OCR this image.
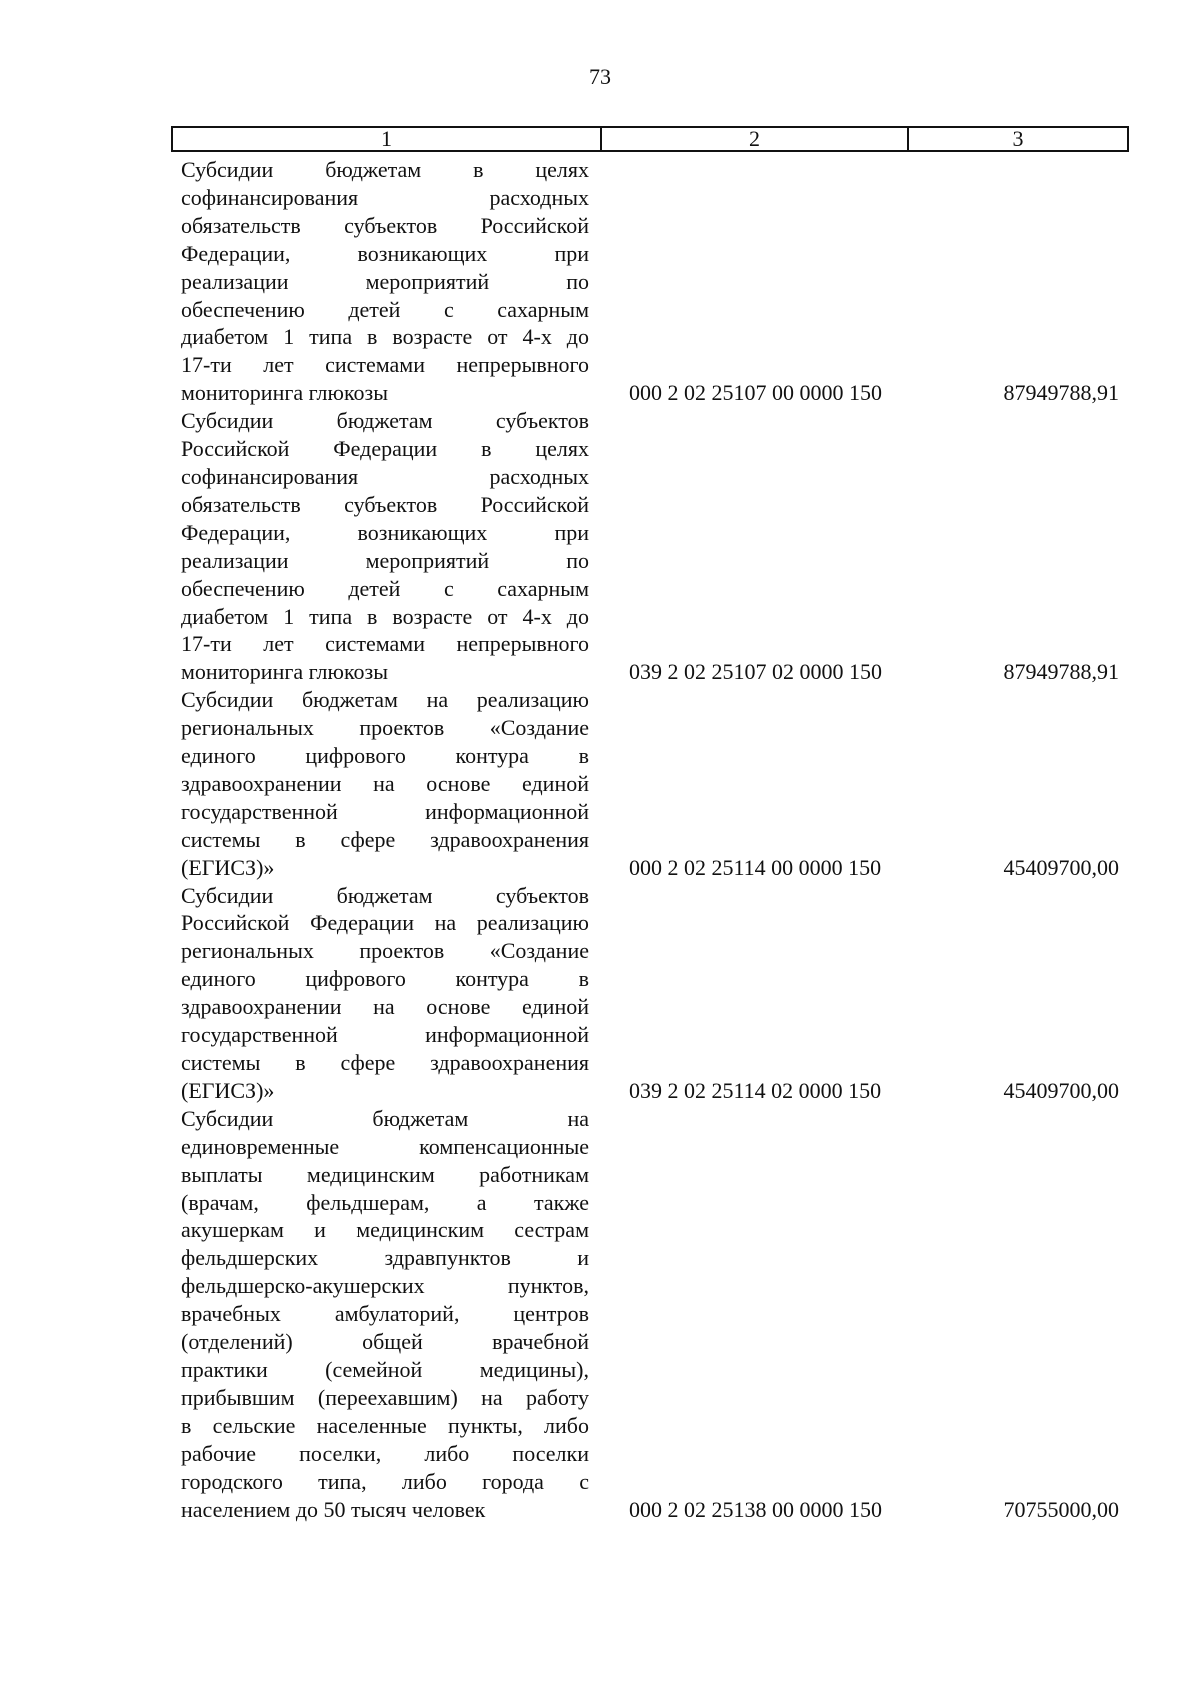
73
1	2	3
Субсидии бюджетам в целях
софинансирования расходных
обязательств субъектов Российской
Федерации, возникающих при
реализации мероприятий по
обеспечению детей с сахарным
диабетом 1 типа в возрасте от 4-х до
17-ти лет системами непрерывного
мониторинга глюкозы	000 2 02 25107 00 0000 150	87949788,91
Субсидии бюджетам субъектов
Российской Федерации в целях
софинансирования расходных
обязательств субъектов Российской
Федерации, возникающих при
реализации мероприятий по
обеспечению детей с сахарным
диабетом 1 типа в возрасте от 4-х до
17-ти лет системами непрерывного
мониторинга глюкозы	039 2 02 25107 02 0000 150	87949788,91
Субсидии бюджетам на реализацию
региональных проектов «Создание
единого цифрового контура в
здравоохранении на основе единой
государственной информационной
системы в сфере здравоохранения
(ЕГИСЗ)»	000 2 02 25114 00 0000 150	45409700,00
Субсидии бюджетам субъектов
Российской Федерации на реализацию
региональных проектов «Создание
единого цифрового контура в
здравоохранении на основе единой
государственной информационной
системы в сфере здравоохранения
(ЕГИСЗ)»	039 2 02 25114 02 0000 150	45409700,00
Субсидии бюджетам на
единовременные компенсационные
выплаты медицинским работникам
(врачам, фельдшерам, а также
акушеркам и медицинским сестрам
фельдшерских здравпунктов и
фельдшерско-акушерских пунктов,
врачебных амбулаторий, центров
(отделений) общей врачебной
практики (семейной медицины),
прибывшим (переехавшим) на работу
в сельские населенные пункты, либо
рабочие поселки, либо поселки
городского типа, либо города с
населением до 50 тысяч человек	000 2 02 25138 00 0000 150	70755000,00
